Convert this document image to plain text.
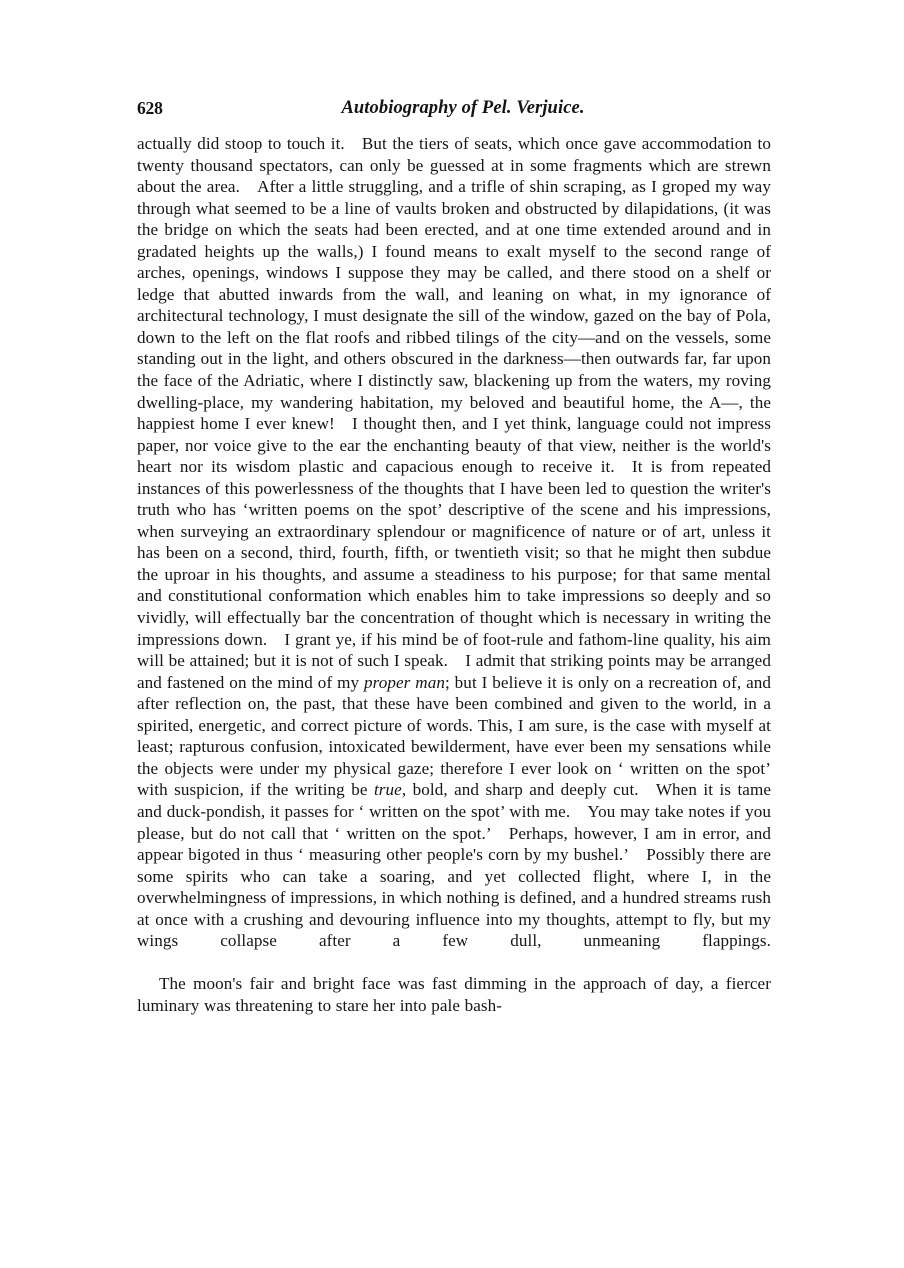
628	Autobiography of Pel. Verjuice.

actually did stoop to touch it. But the tiers of seats, which once gave accommodation to twenty thousand spectators, can only be guessed at in some fragments which are strewn about the area. After a little struggling, and a trifle of shin scraping, as I groped my way through what seemed to be a line of vaults broken and obstructed by dilapidations, (it was the bridge on which the seats had been erected, and at one time extended around and in gradated heights up the walls,) I found means to exalt myself to the second range of arches, openings, windows I suppose they may be called, and there stood on a shelf or ledge that abutted inwards from the wall, and leaning on what, in my ignorance of architectural technology, I must designate the sill of the window, gazed on the bay of Pola, down to the left on the flat roofs and ribbed tilings of the city—and on the vessels, some standing out in the light, and others obscured in the darkness—then outwards far, far upon the face of the Adriatic, where I distinctly saw, blackening up from the waters, my roving dwelling-place, my wandering habitation, my beloved and beautiful home, the A—, the happiest home I ever knew! I thought then, and I yet think, language could not impress paper, nor voice give to the ear the enchanting beauty of that view, neither is the world's heart nor its wisdom plastic and capacious enough to receive it. It is from repeated instances of this powerlessness of the thoughts that I have been led to question the writer's truth who has ‘written poems on the spot’ descriptive of the scene and his impressions, when surveying an extraordinary splendour or magnificence of nature or of art, unless it has been on a second, third, fourth, fifth, or twentieth visit; so that he might then subdue the uproar in his thoughts, and assume a steadiness to his purpose; for that same mental and constitutional conformation which enables him to take impressions so deeply and so vividly, will effectually bar the concentration of thought which is necessary in writing the impressions down. I grant ye, if his mind be of foot-rule and fathom-line quality, his aim will be attained; but it is not of such I speak. I admit that striking points may be arranged and fastened on the mind of my proper man; but I believe it is only on a recreation of, and after reflection on, the past, that these have been combined and given to the world, in a spirited, energetic, and correct picture of words. This, I am sure, is the case with myself at least; rapturous confusion, intoxicated bewilderment, have ever been my sensations while the objects were under my physical gaze; therefore I ever look on ‘ written on the spot’ with suspicion, if the writing be true, bold, and sharp and deeply cut. When it is tame and duck-pondish, it passes for ‘ written on the spot’ with me. You may take notes if you please, but do not call that ‘ written on the spot.’ Perhaps, however, I am in error, and appear bigoted in thus ‘ measuring other people's corn by my bushel.’ Possibly there are some spirits who can take a soaring, and yet collected flight, where I, in the overwhelmingness of impressions, in which nothing is defined, and a hundred streams rush at once with a crushing and devouring influence into my thoughts, attempt to fly, but my wings collapse after a few dull, unmeaning flappings.

The moon's fair and bright face was fast dimming in the approach of day, a fiercer luminary was threatening to stare her into pale bash-
